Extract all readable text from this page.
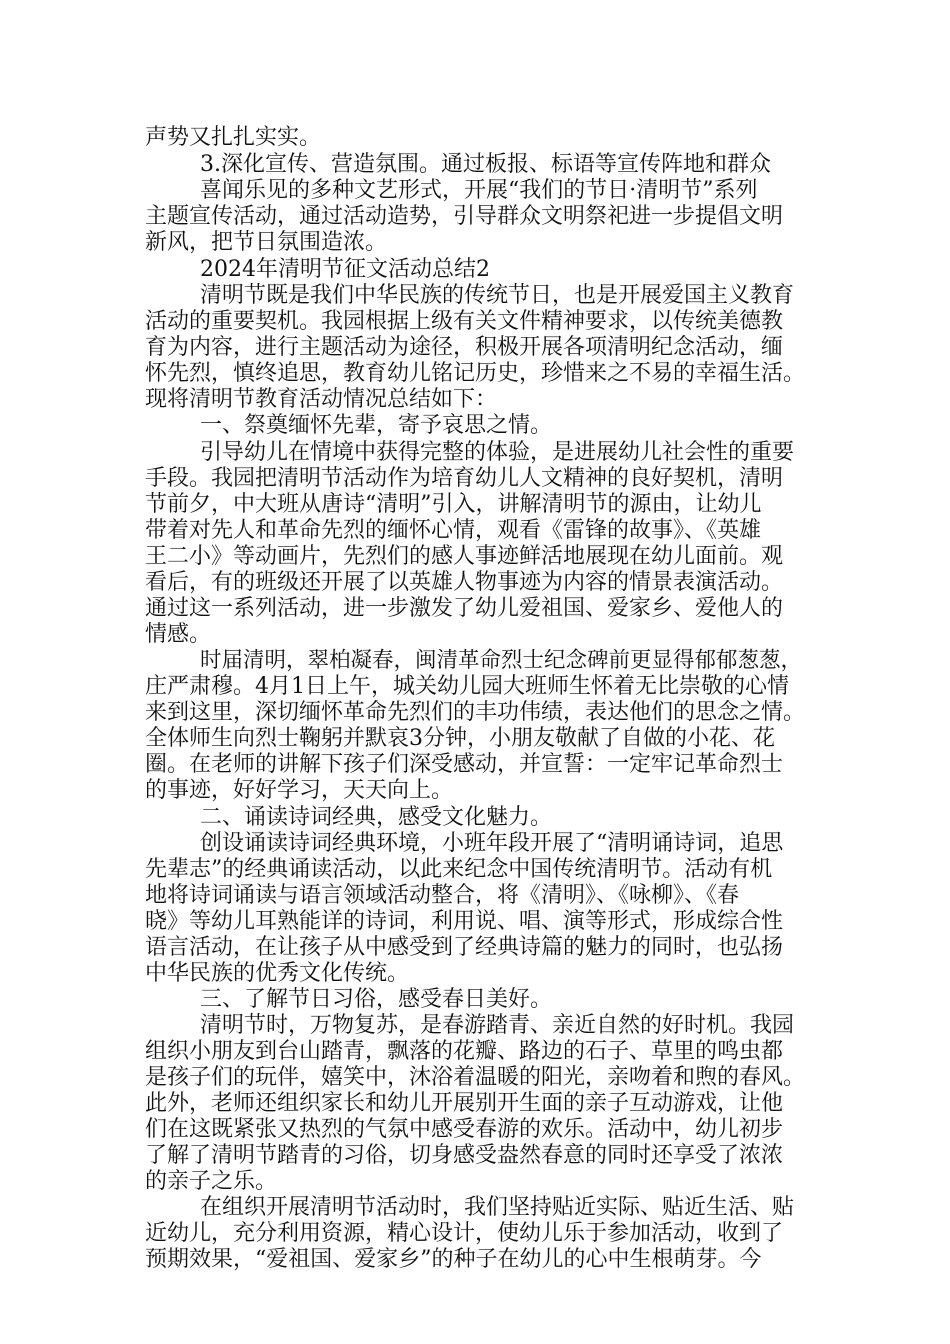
声势又扎扎实实。
3.深化宣传、营造氛围。通过板报、标语等宣传阵地和群众
喜闻乐见的多种文艺形式，开展“我们的节日·清明节”系列
主题宣传活动，通过活动造势，引导群众文明祭祀进一步提倡文明
新风，把节日氛围造浓。
2024年清明节征文活动总结2
清明节既是我们中华民族的传统节日，也是开展爱国主义教育
活动的重要契机。我园根据上级有关文件精神要求，以传统美德教
育为内容，进行主题活动为途径，积极开展各项清明纪念活动，缅
怀先烈，慎终追思，教育幼儿铭记历史，珍惜来之不易的幸福生活。
现将清明节教育活动情况总结如下：
一、祭奠缅怀先辈，寄予哀思之情。
引导幼儿在情境中获得完整的体验，是进展幼儿社会性的重要
手段。我园把清明节活动作为培育幼儿人文精神的良好契机，清明
节前夕，中大班从唐诗“清明”引入，讲解清明节的源由，让幼儿
带着对先人和革命先烈的缅怀心情，观看《雷锋的故事》、《英雄
王二小》等动画片，先烈们的感人事迹鲜活地展现在幼儿面前。观
看后，有的班级还开展了以英雄人物事迹为内容的情景表演活动。
通过这一系列活动，进一步激发了幼儿爱祖国、爱家乡、爱他人的
情感。
时届清明，翠柏凝春，闽清革命烈士纪念碑前更显得郁郁葱葱，
庄严肃穆。4月1日上午，城关幼儿园大班师生怀着无比崇敬的心情
来到这里，深切缅怀革命先烈们的丰功伟绩，表达他们的思念之情。
全体师生向烈士鞠躬并默哀3分钟，小朋友敬献了自做的小花、花
圈。在老师的讲解下孩子们深受感动，并宣誓：一定牢记革命烈士
的事迹，好好学习，天天向上。
二、诵读诗词经典，感受文化魅力。
创设诵读诗词经典环境，小班年段开展了“清明诵诗词，追思
先辈志”的经典诵读活动，以此来纪念中国传统清明节。活动有机
地将诗词诵读与语言领域活动整合，将《清明》、《咏柳》、《春
晓》等幼儿耳熟能详的诗词，利用说、唱、演等形式，形成综合性
语言活动，在让孩子从中感受到了经典诗篇的魅力的同时，也弘扬
中华民族的优秀文化传统。
三、了解节日习俗，感受春日美好。
清明节时，万物复苏，是春游踏青、亲近自然的好时机。我园
组织小朋友到台山踏青，飘落的花瓣、路边的石子、草里的鸣虫都
是孩子们的玩伴，嬉笑中，沐浴着温暖的阳光，亲吻着和煦的春风。
此外，老师还组织家长和幼儿开展别开生面的亲子互动游戏，让他
们在这既紧张又热烈的气氛中感受春游的欢乐。活动中，幼儿初步
了解了清明节踏青的习俗，切身感受盎然春意的同时还享受了浓浓
的亲子之乐。
在组织开展清明节活动时，我们坚持贴近实际、贴近生活、贴
近幼儿，充分利用资源，精心设计，使幼儿乐于参加活动，收到了
预期效果，“爱祖国、爱家乡”的种子在幼儿的心中生根萌芽。今
